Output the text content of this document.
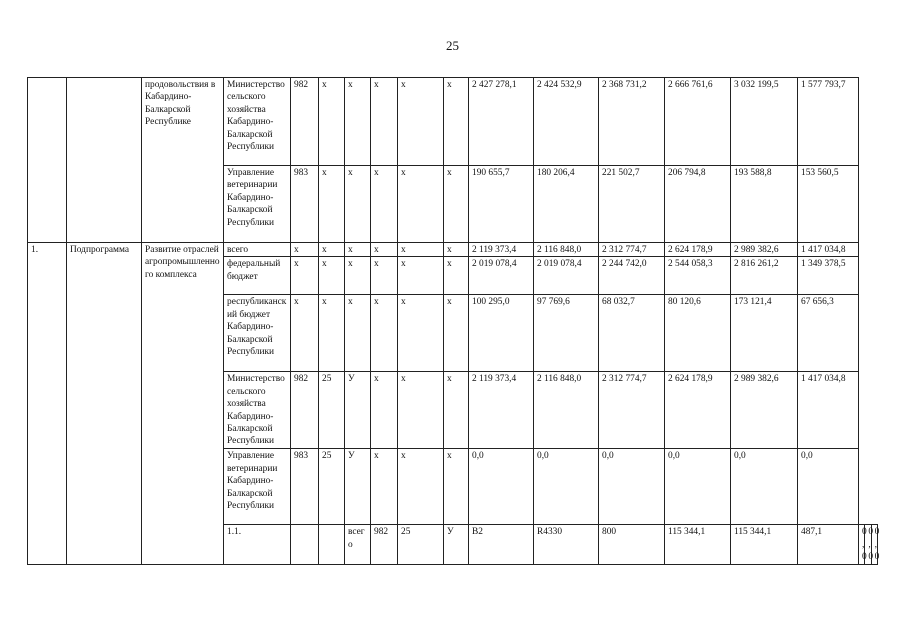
25
		продовольствия в Кабардино-Балкарской Республике	Министерство сельского хозяйства Кабардино-Балкарской Республики	982	х	х	х	х	х	2 427 278,1	2 424 532,9	2 368 731,2	2 666 761,6	3 032 199,5	1 577 793,7			
			Управление ветеринарии Кабардино-Балкарской Республики	983	х	х	х	х	х	190 655,7	180 206,4	221 502,7	206 794,8	193 588,8	153 560,5			
1.	Подпрограмма	Развитие отраслей агропромышленного комплекса	всего	х	х	х	х	х	х	2 119 373,4	2 116 848,0	2 312 774,7	2 624 178,9	2 989 382,6	1 417 034,8			
			федеральный бюджет	х	х	х	х	х	х	2 019 078,4	2 019 078,4	2 244 742,0	2 544 058,3	2 816 261,2	1 349 378,5			
			республиканский бюджет Кабардино-Балкарской Республики	х	х	х	х	х	х	100 295,0	97 769,6	68 032,7	80 120,6	173 121,4	67 656,3			
			Министерство сельского хозяйства Кабардино-Балкарской Республики	982	25	У	х	х	х	2 119 373,4	2 116 848,0	2 312 774,7	2 624 178,9	2 989 382,6	1 417 034,8			
			Управление ветеринарии Кабардино-Балкарской Республики	983	25	У	х	х	х	0,0	0,0	0,0	0,0	0,0	0,0			
			1.1.			всего	982	25	У	В2	R4330	800	115 344,1	115 344,1	487,1	0,0	0,0	0,0
